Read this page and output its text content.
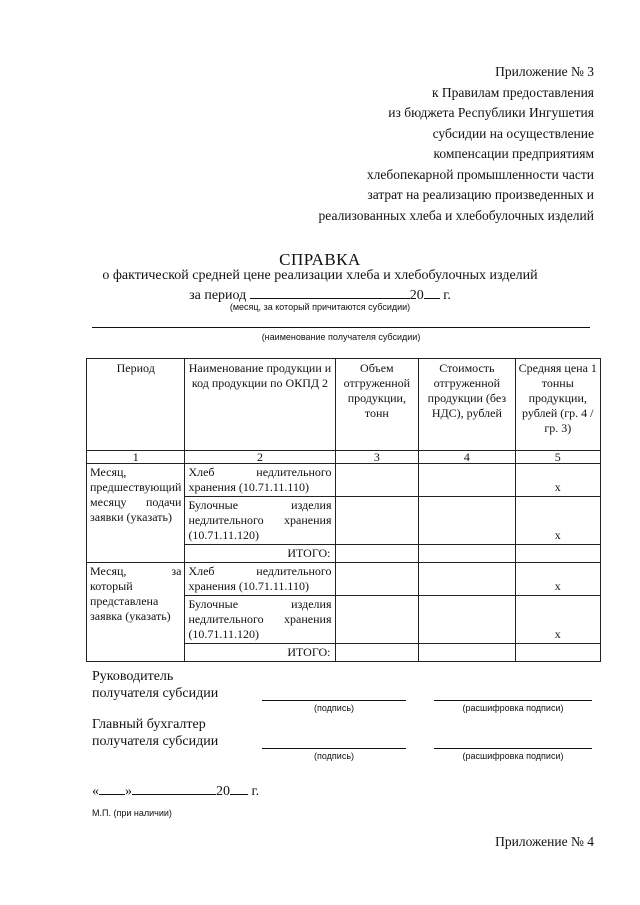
Приложение № 3
к Правилам предоставления
из бюджета Республики Ингушетия
субсидии на осуществление
компенсации предприятиям
хлебопекарной промышленности части
затрат на реализацию произведенных и
реализованных хлеба и хлебобулочных изделий
СПРАВКА
о фактической средней цене реализации хлеба и хлебобулочных изделий
за период	20 г.
(месяц, за который причитаются субсидии)
(наименование получателя субсидии)
Период	Наименование продукции и код продукции по ОКПД 2	Объем отгруженной продукции, тонн	Стоимость отгруженной продукции (без НДС), рублей	Средняя цена 1 тонны продукции, рублей (гр. 4 / гр. 3)
1	2	3	4	5
Месяц, предшествующий месяцу подачи заявки (указать)	Хлеб недлительного хранения (10.71.11.110)			x
	Булочные изделия недлительного хранения (10.71.11.120)			x
	ИТОГО:			
Месяц, за который представлена заявка (указать)	Хлеб недлительного хранения (10.71.11.110)			x
	Булочные изделия недлительного хранения (10.71.11.120)			x
	ИТОГО:			
Руководитель
получателя субсидии
(подпись)	(расшифровка подписи)
Главный бухгалтер
получателя субсидии
(подпись)	(расшифровка подписи)
« »	20 г.
М.П. (при наличии)
Приложение № 4
